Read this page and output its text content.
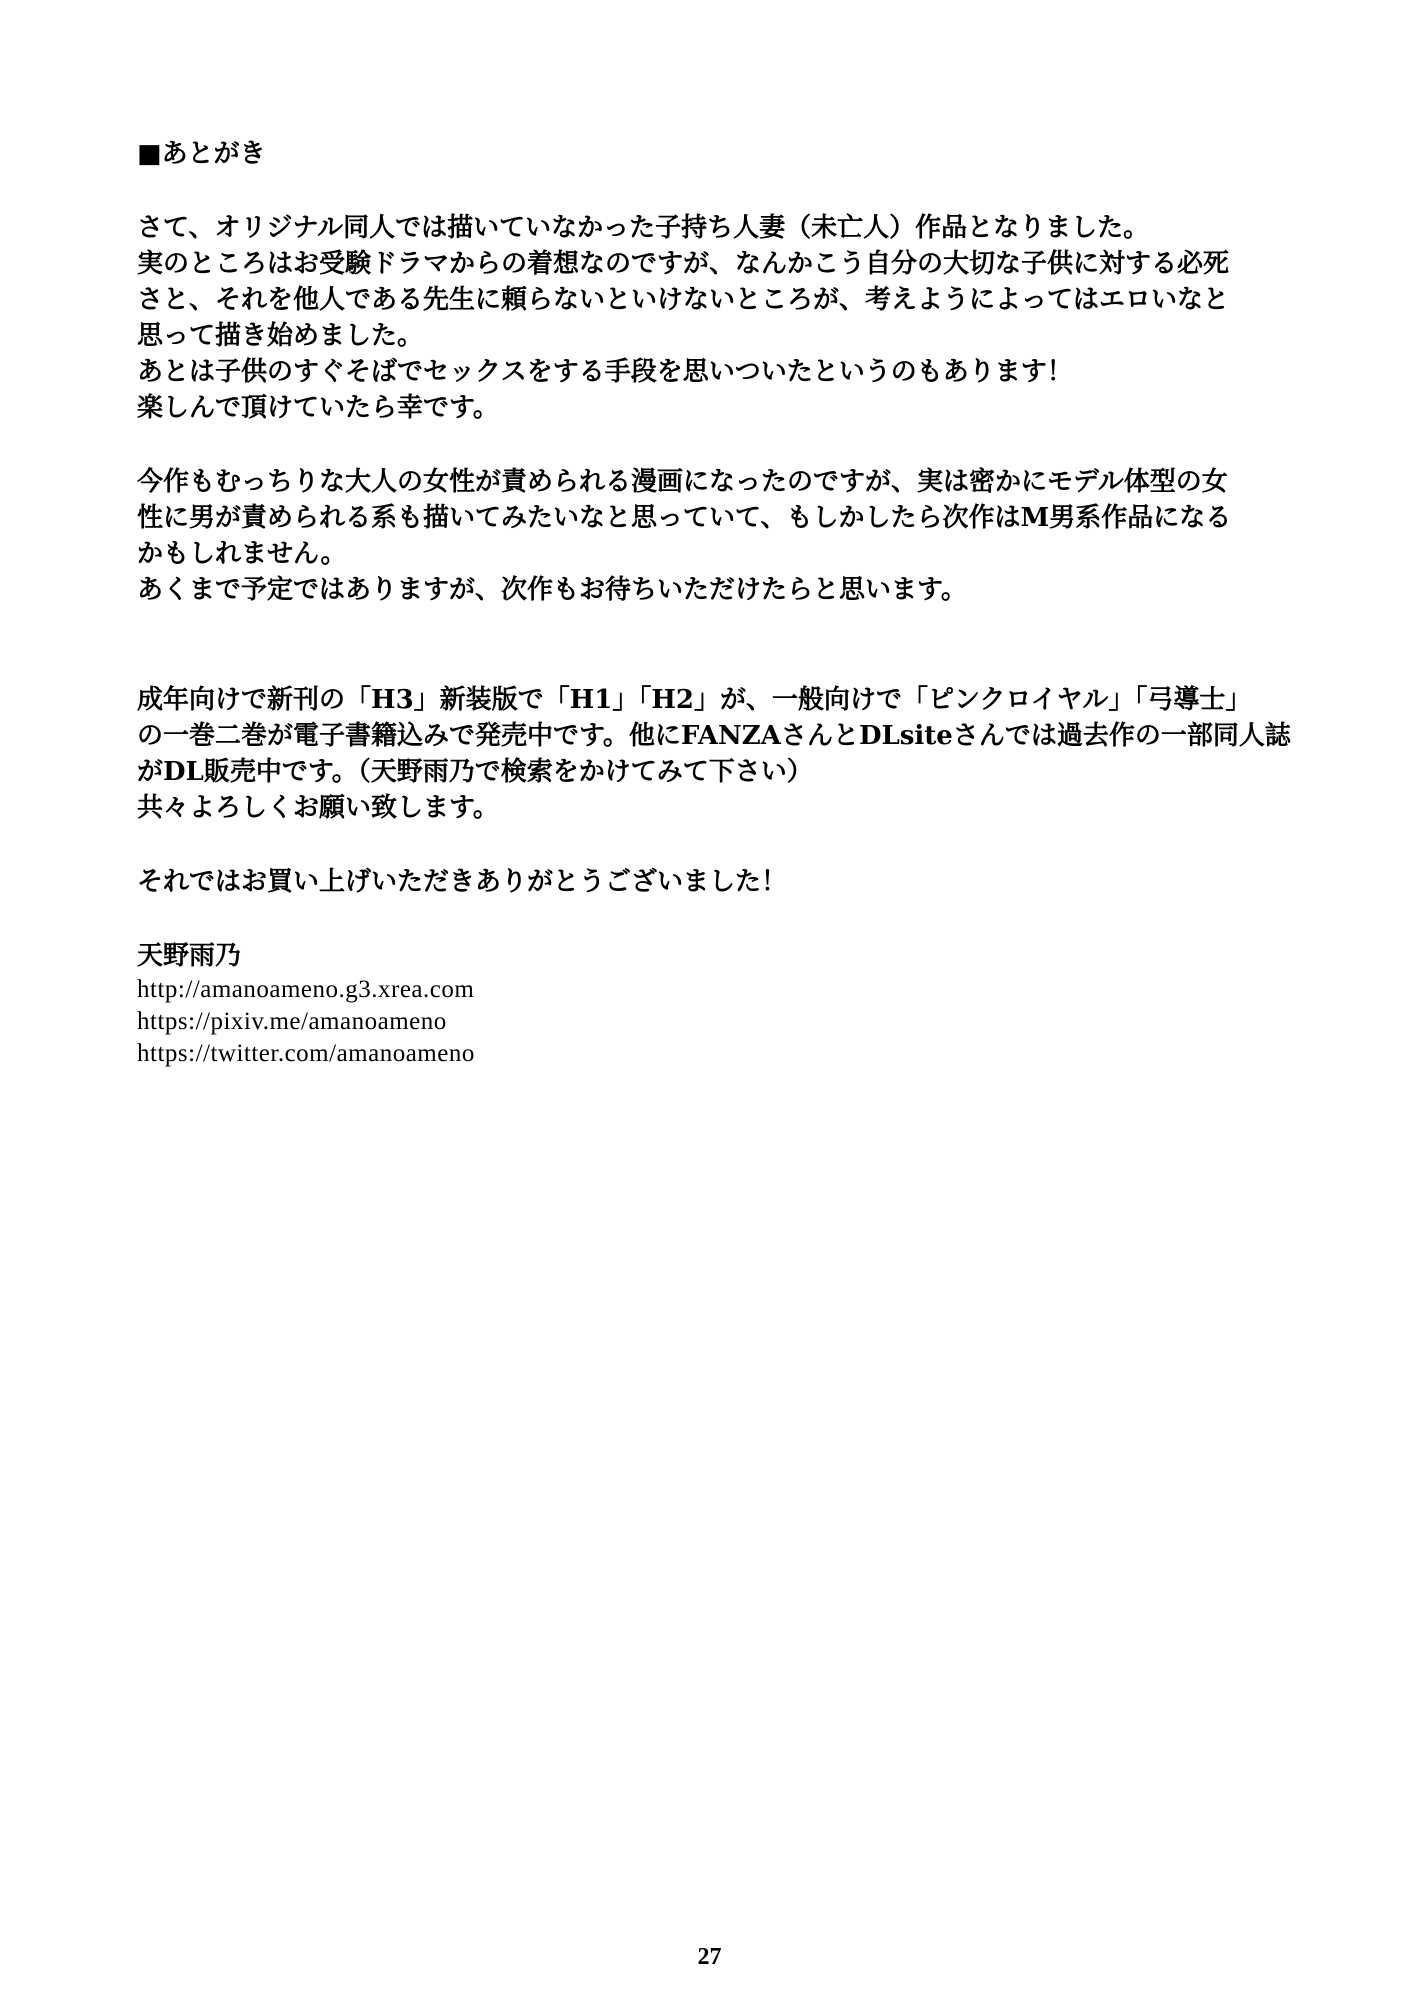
■あとがき
さて、オリジナル同人では描いていなかった子持ち人妻（未亡人）作品となりました。
実のところはお受験ドラマからの着想なのですが、なんかこう自分の大切な子供に対する必死
さと、それを他人である先生に頼らないといけないところが、考えようによってはエロいなと
思って描き始めました。
あとは子供のすぐそばでセックスをする手段を思いついたというのもあります！
楽しんで頂けていたら幸です。
今作もむっちりな大人の女性が責められる漫画になったのですが、実は密かにモデル体型の女
性に男が責められる系も描いてみたいなと思っていて、もしかしたら次作はM男系作品になる
かもしれません。
あくまで予定ではありますが、次作もお待ちいただけたらと思います。
成年向けで新刊の「H3」新装版で「H1」「H2」が、一般向けで「ピンクロイヤル」「弓導士」
の一巻二巻が電子書籍込みで発売中です。他にFANZAさんとDLsiteさんでは過去作の一部同人誌
がDL販売中です。（天野雨乃で検索をかけてみて下さい）
共々よろしくお願い致します。
それではお買い上げいただきありがとうございました！
天野雨乃
http://amanoameno.g3.xrea.com
https://pixiv.me/amanoameno
https://twitter.com/amanoameno
27
